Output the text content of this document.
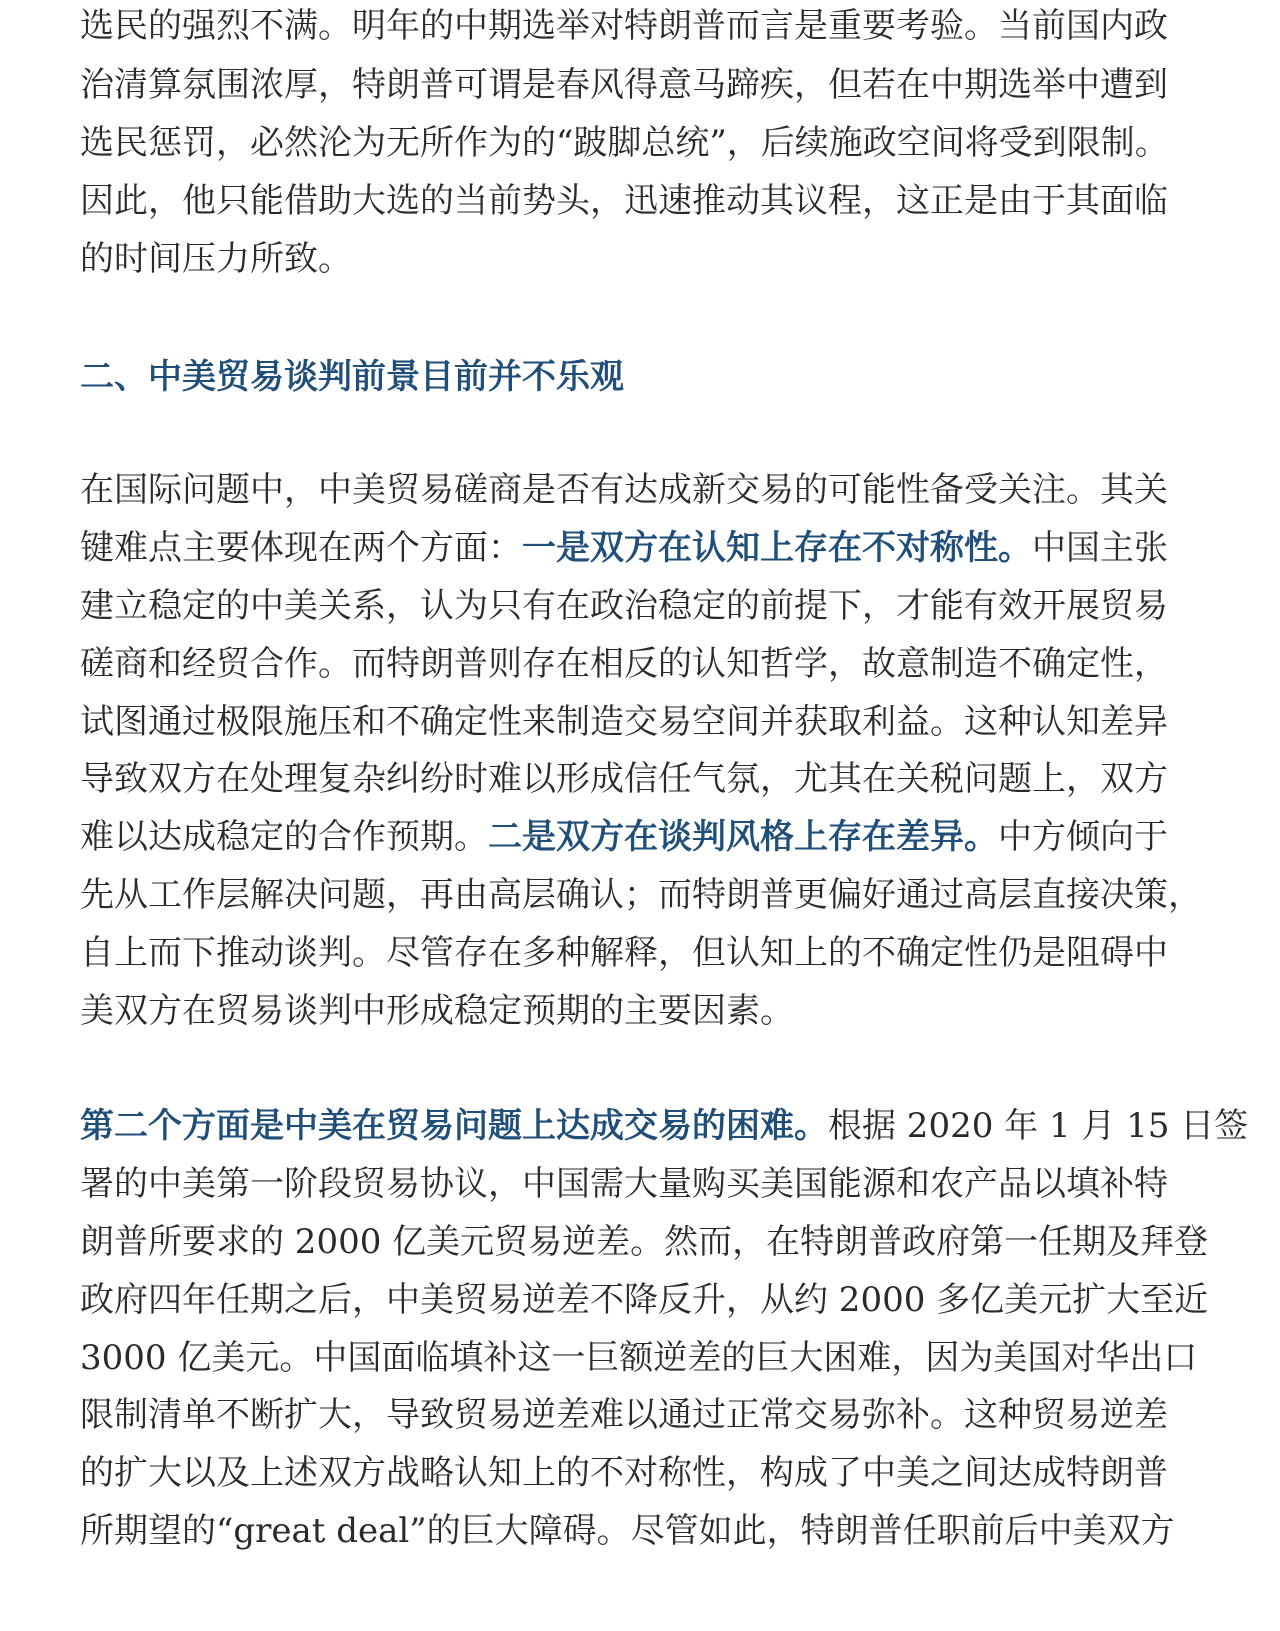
选民的强烈不满。明年的中期选举对特朗普而言是重要考验。当前国内政
治清算氛围浓厚，特朗普可谓是春风得意马蹄疾，但若在中期选举中遭到
选民惩罚，必然沦为无所作为的“跛脚总统”，后续施政空间将受到限制。
因此，他只能借助大选的当前势头，迅速推动其议程，这正是由于其面临
的时间压力所致。
二、中美贸易谈判前景目前并不乐观
在国际问题中，中美贸易磋商是否有达成新交易的可能性备受关注。其关
键难点主要体现在两个方面：一是双方在认知上存在不对称性。中国主张
建立稳定的中美关系，认为只有在政治稳定的前提下，才能有效开展贸易
磋商和经贸合作。而特朗普则存在相反的认知哲学，故意制造不确定性，
试图通过极限施压和不确定性来制造交易空间并获取利益。这种认知差异
导致双方在处理复杂纠纷时难以形成信任气氛，尤其在关税问题上，双方
难以达成稳定的合作预期。二是双方在谈判风格上存在差异。中方倾向于
先从工作层解决问题，再由高层确认；而特朗普更偏好通过高层直接决策，
自上而下推动谈判。尽管存在多种解释，但认知上的不确定性仍是阻碍中
美双方在贸易谈判中形成稳定预期的主要因素。
第二个方面是中美在贸易问题上达成交易的困难。根据 2020 年 1 月 15 日签
署的中美第一阶段贸易协议，中国需大量购买美国能源和农产品以填补特
朗普所要求的 2000 亿美元贸易逆差。然而，在特朗普政府第一任期及拜登
政府四年任期之后，中美贸易逆差不降反升，从约 2000 多亿美元扩大至近
3000 亿美元。中国面临填补这一巨额逆差的巨大困难，因为美国对华出口
限制清单不断扩大，导致贸易逆差难以通过正常交易弥补。这种贸易逆差
的扩大以及上述双方战略认知上的不对称性，构成了中美之间达成特朗普
所期望的“great deal”的巨大障碍。尽管如此，特朗普任职前后中美双方
